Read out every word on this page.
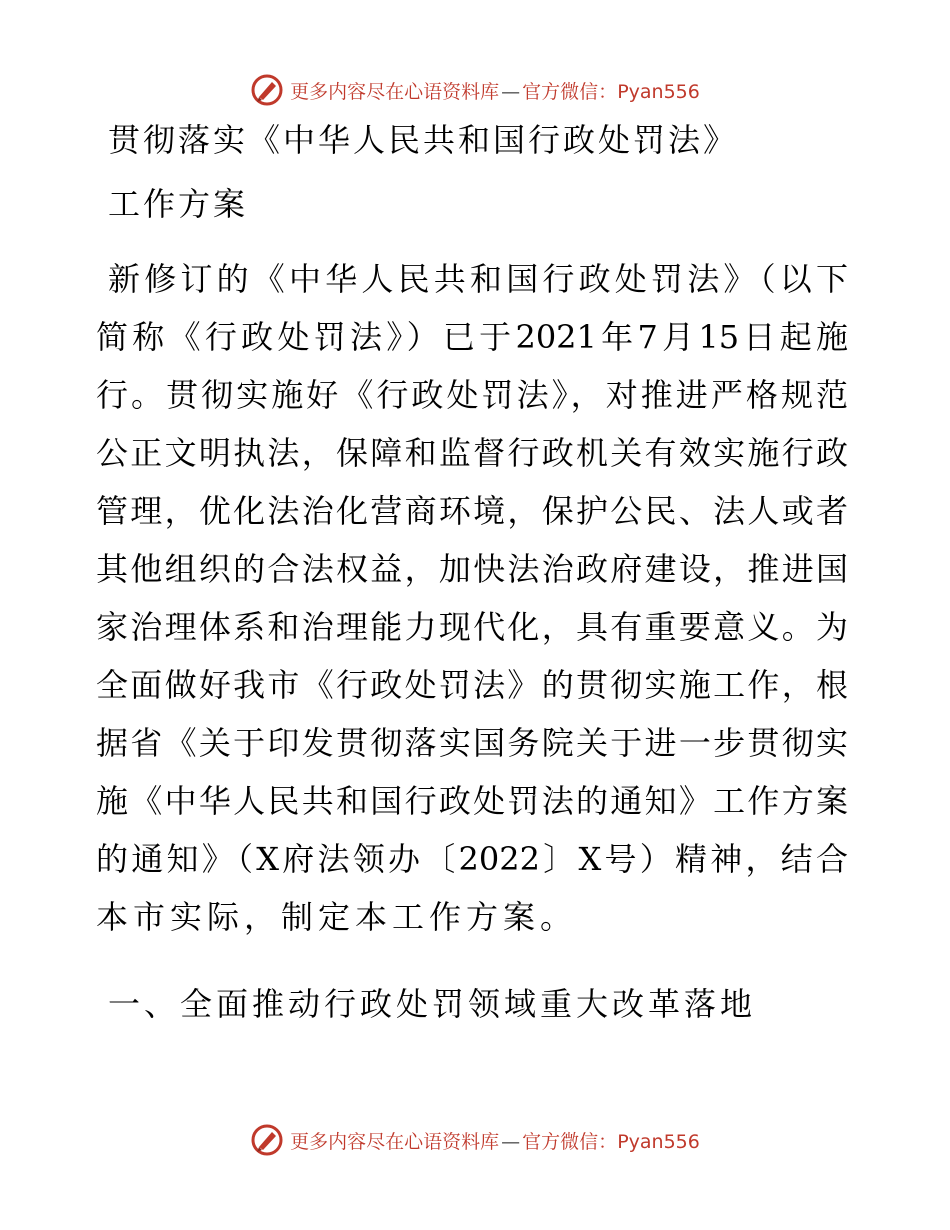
更多内容尽在心语资料库 — 官方微信：Pyan556
贯彻落实《中华人民共和国行政处罚法》
工作方案
新修订的《中华人民共和国行政处罚法》（以下
简称《行政处罚法》）已于2021年7月15日起施
行。贯彻实施好《行政处罚法》，对推进严格规范
公正文明执法，保障和监督行政机关有效实施行政
管理，优化法治化营商环境，保护公民、法人或者
其他组织的合法权益，加快法治政府建设，推进国
家治理体系和治理能力现代化，具有重要意义。为
全面做好我市《行政处罚法》的贯彻实施工作，根
据省《关于印发贯彻落实国务院关于进一步贯彻实
施《中华人民共和国行政处罚法的通知》工作方案
的通知》（X府法领办〔2022〕X号）精神，结合
本市实际，制定本工作方案。
一、全面推动行政处罚领域重大改革落地
更多内容尽在心语资料库 — 官方微信：Pyan556
